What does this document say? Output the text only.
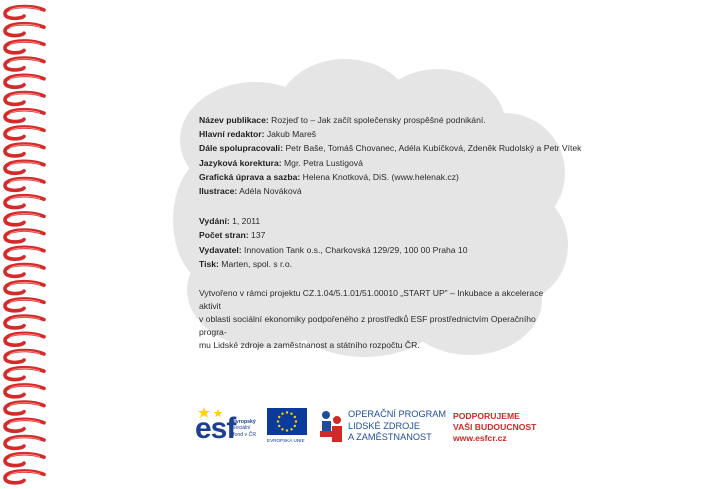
Název publikace: Rozjeď to – Jak začít společensky prospěšné podnikání.
Hlavní redaktor: Jakub Mareš
Dále spolupracovali: Petr Baše, Tomáš Chovanec, Adéla Kubíčková, Zdeněk Rudolský a Petr Vítek
Jazyková korektura: Mgr. Petra Lustigová
Grafická úprava a sazba: Helena Knotková, DiS. (www.helenak.cz)
Ilustrace: Adéla Nováková
Vydání: 1, 2011
Počet stran: 137
Vydavatel: Innovation Tank o.s., Charkovská 129/29, 100 00 Praha 10
Tisk: Marten, spol. s r.o.
Vytvořeno v rámci projektu CZ.1.04/5.1.01/51.00010 „START UP" – Inkubace a akcelerace aktivit
v oblasti sociální ekonomiky podpořeného z prostředků ESF prostřednictvím Operačního progra-
mu Lidské zdroje a zaměstnanost a státního rozpočtu ČR.
esf
evropský
sociální
fond v ČR
EVROPSKÁ UNIE
OPERAČNÍ PROGRAM
LIDSKÉ ZDROJE
A ZAMĚSTNANOST
PODPORUJEME
VAŠI BUDOUCNOST
www.esfcr.cz
